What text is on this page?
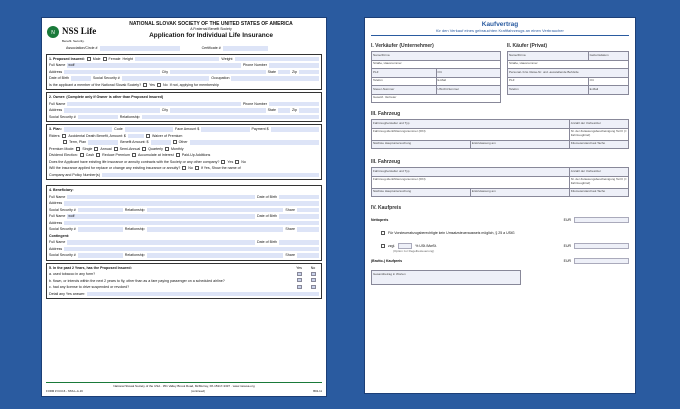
N NSS Life
Benefit. Security.
NATIONAL SLOVAK SOCIETY OF THE UNITED STATES OF AMERICA
A Fraternal Benefit Society
Application for Individual Life Insurance
Association/Circle #	Certificate #
1. Proposed Insured: Male Female Height	Weight
Full Name wolf	Phone Number
Address	City	State	Zip
Date of Birth	Social Security #	Occupation
Is the applicant a member of the National Slovak Society? Yes No If not, applying for membership
2. Owner: (Complete only if Owner is other than Proposed Insured)
Full Name	Phone Number
Address	City	State	Zip
Social Security #	Relationship
3. Plan:	Code	Face Amount $	Payment $
Riders: Accidental Death Benefit, Amount: $	Waiver of Premium
Term, Plan	Benefit Amount: $	Other
Premium Mode: Single Annual Semi-Annual Quarterly Monthly
Dividend Election: Cash Reduce Premium Accumulate at Interest Paid-Up Additions
Does the Applicant have existing life insurance or annuity contracts with the Society or any other company? Yes No
Will the insurance applied for replace or change any existing insurance or annuity? No If Yes, Show the name of
Company and Policy Number(s)
4. Beneficiary:
Full Name	Date of Birth
Address
Social Security #	Relationship	Share
Full Name wolf	Date of Birth
Address
Social Security #	Relationship	Share
Contingent:
Full Name	Date of Birth
Address
Social Security #	Relationship	Share
5. In the past 2 Years, has the Proposed Insured:	Yes	No
a. used tobacco in any form?
b. flown, or intends within the next 2 years to fly, other than as a fare paying passenger on a scheduled airline?
c. had any license to drive suspended or revoked?
Detail any Yes answer:
National Slovak Society of the USA · 351 Valley Brook Road, McMurray, PA 15317-3337 · www.nssusa.org
FORM # ICC16 - NSS-L-A-16	(continued)	B02-11
Kaufvertrag
für den Verkauf eines gebrauchten Kraftfahrzeugs an einen Verbraucher
I. Verkäufer (Unternehmer)
Name/Firma
Straße, Hausnummer
PLZ	Ort
Telefon	E-Mail
Steuer-Nummer	USt-ID-Nummer
Gesetzl. Vertreter
II. Käufer (Privat)
Name/Firma	Geburtsdatum
Straße, Hausnummer
Personal- bzw. Reise-Nr. und -ausstellende Behörde
PLZ	Ort
Telefon	E-Mail
III. Fahrzeug
Fahrzeughersteller und Typ	Anzahl der Vorbesitzer
Fahrzeug-Identifizierungsnummer (FIN)	Nr. der Zulassungsbescheinigung Teil II (= Fahrzeugbrief)
Nächste Hauptuntersuchung	Erstzulassung am	Kilometerstand laut Tacho
III. Fahrzeug
Fahrzeughersteller und Typ	Anzahl der Vorbesitzer
Fahrzeug-Identifizierungsnummer (FIN)	Nr. der Zulassungsbescheinigung Teil II (= Fahrzeugbrief)
Nächste Hauptuntersuchung	Erstzulassung am	Kilometerstand laut Tacho
IV. Kaufpreis
Nettopreis	EUR
Für Vorsteuerabzugsberechtigte kein Umsatzsteuerausweis möglich, § 25 a UStG
zzgl.	% USt./MwSt.	EUR
(Option zur Regelbesteuerung)
(Brutto-) Kaufpreis	EUR
Gesamtbetrag in Worten
